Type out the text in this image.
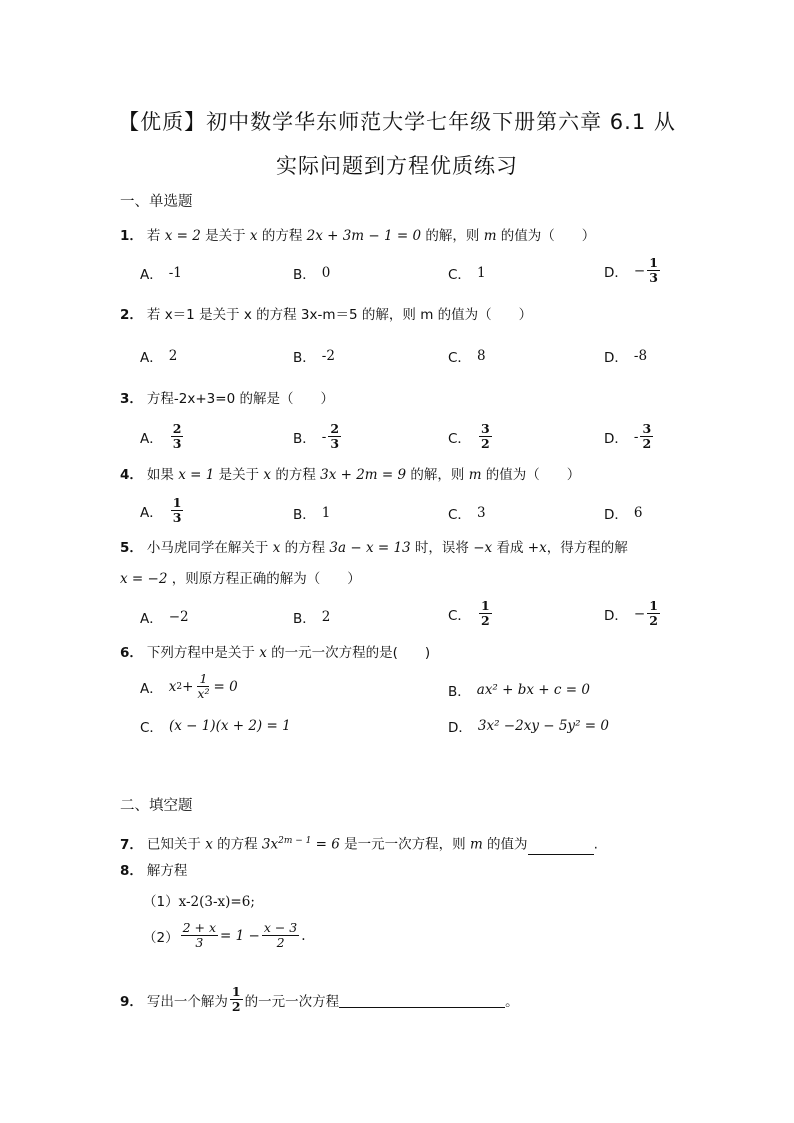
【优质】初中数学华东师范大学七年级下册第六章 6.1 从
实际问题到方程优质练习
一、单选题
1． 若 x = 2 是关于 x 的方程 2x + 3m − 1 = 0 的解，则 m 的值为（　　）
A． -1	B． 0	C． 1	D． − $\frac{1}{3}$
2． 若 x＝1 是关于 x 的方程 3x-m＝5 的解，则 m 的值为（　　）
A． 2	B． -2	C． 8	D． -8
3． 方程-2x+3=0 的解是（　　）
A． $\frac{2}{3}$	B． - $\frac{2}{3}$	C． $\frac{3}{2}$	D． - $\frac{3}{2}$
4． 如果 x = 1 是关于 x 的方程 3x + 2m = 9 的解，则 m 的值为（　　）
A． $\frac{1}{3}$	B． 1	C． 3	D． 6
5． 小马虎同学在解关于 x 的方程 3a − x = 13 时，误将 −x 看成 +x，得方程的解
x = −2 ，则原方程正确的解为（　　）
A． −2	B． 2	C． $\frac{1}{2}$	D． − $\frac{1}{2}$
6． 下列方程中是关于 x 的一元一次方程的是(　　)
A． x $2 + \frac{1}{\text{x²}} = 0$	B． ax² + bx + c = 0
C． (x − 1)(x + 2) = 1	D． 3x² −2xy − 5y² = 0
二、填空题
7． 已知关于 x 的方程 $3x^{2m - 1} = 6$ 是一元一次方程，则 m 的值为	.
8． 解方程
（1）x-2(3-x)=6;
$(2) \frac{2 + x}{3} = 1 - \frac{x - 3}{2}$ .
9． 写出一个解为 $\frac{1}{2}$ 的一元一次方程	。
